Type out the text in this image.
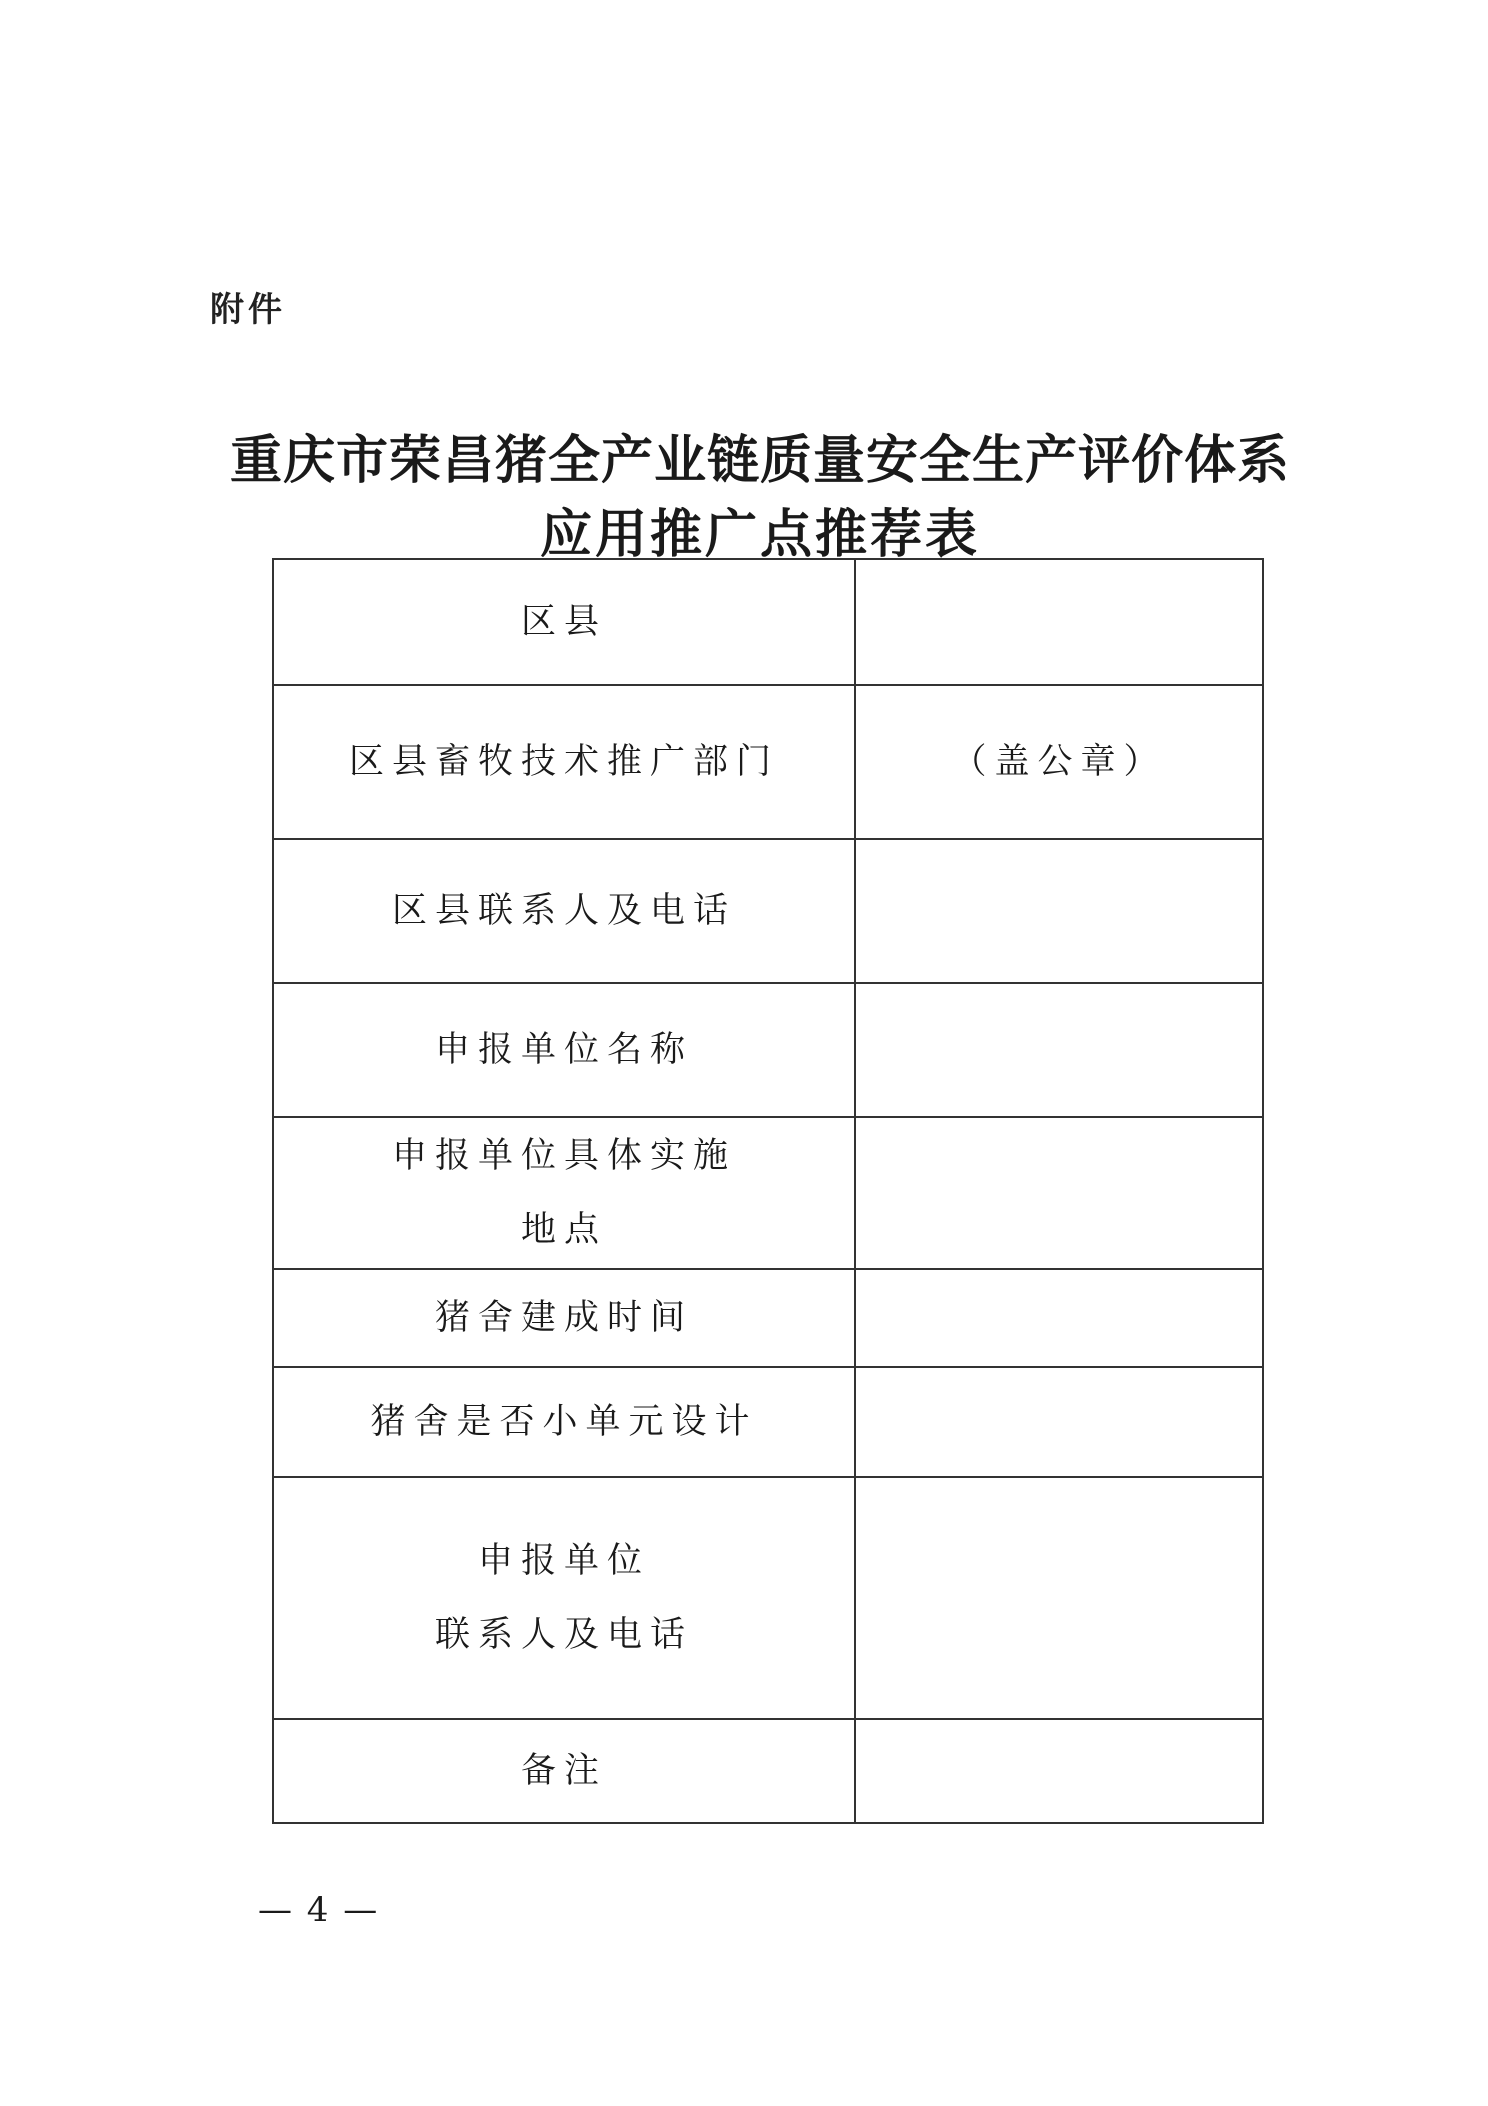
附件
重庆市荣昌猪全产业链质量安全生产评价体系
应用推广点推荐表
区县	
区县畜牧技术推广部门	（盖公章）
区县联系人及电话	
申报单位名称	

申报单位具体实施
地点	

猪舍建成时间	
猪舍是否小单元设计	

申报单位
联系人及电话	

备注	
— 4 —
